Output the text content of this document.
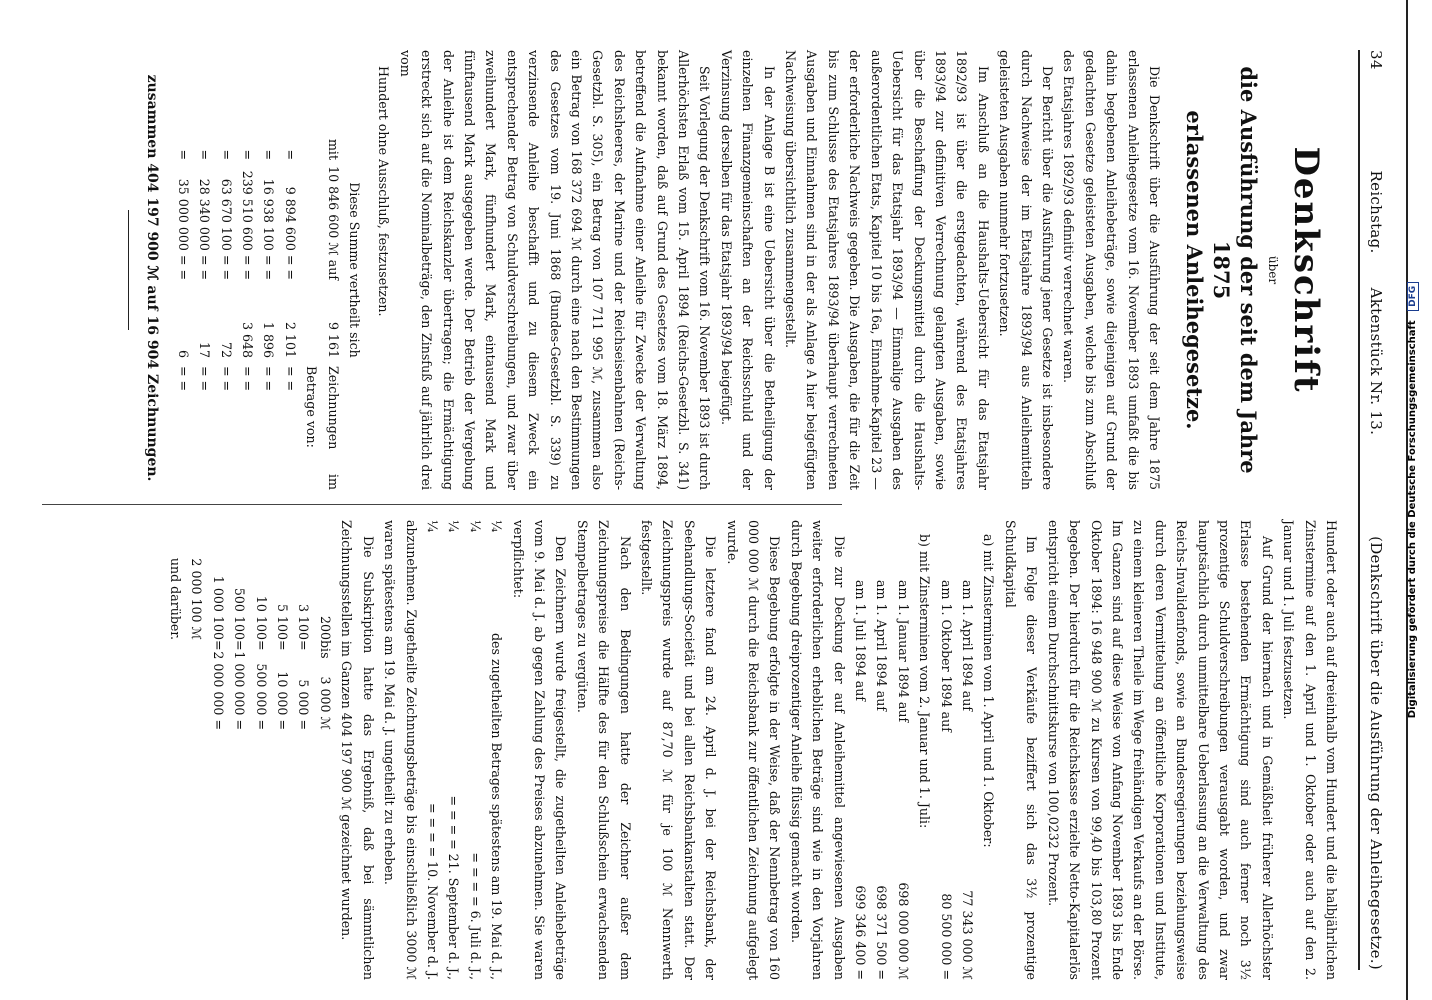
Digitalisierung gefördert durch die Deutsche Forschungsgemeinschaft DFG
34
Reichstag.
Aktenstück Nr. 13.
(Denkschrift über die Ausführung der Anleihegesetze.)
Denkschrift
über
die Ausführung der seit dem Jahre 1875
erlassenen Anleihegesetze.

Die Denkschrift über die Ausführung der seit dem Jahre 1875 erlassenen Anleihegesetze vom 16. November 1893 umfaßt die bis dahin begebenen Anleihebeträge, sowie diejenigen auf Grund der gedachten Gesetze geleisteten Ausgaben, welche bis zum Abschluß des Etatsjahres 1892/93 definitiv verrechnet waren.

Der Bericht über die Ausführung jener Gesetze ist insbesondere durch Nachweise der im Etatsjahre 1893/94 aus Anleihemitteln geleisteten Ausgaben nunmehr fortzusetzen.

Im Anschluß an die Haushalts-Uebersicht für das Etatsjahr 1892/93 ist über die erstgedachten, während des Etatsjahres 1893/94 zur definitiven Verrechnung gelangten Ausgaben, sowie über die Beschaffung der Deckungsmittel durch die Haushalts-Uebersicht für das Etatsjahr 1893/94 — Einmalige Ausgaben des außerordentlichen Etats, Kapitel 10 bis 16a, Einnahme-Kapitel 23 — der erforderliche Nachweis gegeben. Die Ausgaben, die für die Zeit bis zum Schlusse des Etatsjahres 1893/94 überhaupt verrechneten Ausgaben und Einnahmen sind in der als Anlage A hier beigefügten Nachweisung übersichtlich zusammengestellt.

In der Anlage B ist eine Uebersicht über die Betheiligung der einzelnen Finanzgemeinschaften an der Reichsschuld und der Verzinsung derselben für das Etatsjahr 1893/94 beigefügt.

Seit Vorlegung der Denkschrift vom 16. November 1893 ist durch Allerhöchsten Erlaß vom 15. April 1894 (Reichs-Gesetzbl. S. 341) bekannt worden, daß auf Grund des Gesetzes vom 18. März 1894, betreffend die Aufnahme einer Anleihe für Zwecke der Verwaltung des Reichsheeres, der Marine und der Reichseisenbahnen (Reichs-Gesetzbl. S. 305), ein Betrag von 107 711 995 ℳ, zusammen also ein Betrag von 168 372 694 ℳ durch eine nach den Bestimmungen des Gesetzes vom 19. Juni 1868 (Bundes-Gesetzbl. S. 339) zu verzinsende Anleihe beschafft und zu diesem Zweck ein entsprechender Betrag von Schuldverschreibungen, und zwar über zweihundert Mark, fünfhundert Mark, eintausend Mark und fünftausend Mark ausgegeben werde. Der Betrieb der Vergebung der Anleihe ist dem Reichskanzler übertragen; die Ermächtigung erstreckt sich auf die Nominalbeträge, den Zinsfuß auf jährlich drei vom

Hundert ohne Ausschluß, festzusetzen.

Diese Summe vertheilt sich

mit
10 846 600 ℳ auf
9 161
Zeichnungen im Betrage von:
=
9 894 600 = =
2 101
= =
=
16 938 100 = =
1 896
= =
=
239 510 600 = =
3 648
= =
=
63 670 100 = =
72
= =
=
28 340 000 = =
17
= =
=
35 000 000 = =
6
= =

zusammen 404 197 900 ℳ auf 16 904 Zeichnungen.

Hundert oder auch auf dreieinhalb vom Hundert und die halbjährlichen Zinstermine auf den 1. April und 1. Oktober oder auch auf den 2. Januar und 1. Juli festzusetzen.

Auf Grund der hiernach und in Gemäßheit früherer Allerhöchster Erlasse bestehenden Ermächtigung sind auch ferner noch 3½ prozentige Schuldverschreibungen verausgabt worden, und zwar hauptsächlich durch unmittelbare Ueberlassung an die Verwaltung des Reichs-Invalidenfonds, sowie an Bundesregierungen beziehungsweise durch deren Vermittelung an öffentliche Korporationen und Institute, zu einem kleineren Theile im Wege freihändigen Verkaufs an der Börse. Im Ganzen sind auf diese Weise von Anfang November 1893 bis Ende Oktober 1894: 16 948 900 ℳ zu Kursen von 99,40 bis 103,80 Prozent begeben. Der hierdurch für die Reichskasse erzielte Netto-Kapitalerlös entspricht einem Durchschnittskurse von 100,0232 Prozent.

Im Folge dieser Verkäufe beziffert sich das 3½ prozentige Schuldkapital

a) mit Zinsterminen vom 1. April und 1. Oktober:
am 1. April 1894 auf
77 343 000 ℳ
am 1. Oktober 1894 auf
80 500 000 =
b) mit Zinsterminen vom 2. Januar und 1. Juli:
am 1. Januar 1894 auf
698 000 000 ℳ
am 1. April 1894 auf
698 371 500 =
am 1. Juli 1894 auf
699 346 400 =

Die zur Deckung der auf Anleihemittel angewiesenen Ausgaben weiter erforderlichen erheblichen Beträge sind wie in den Vorjahren durch Begebung dreiprozentiger Anleihe flüssig gemacht worden.

Diese Begebung erfolgte in der Weise, daß der Nennbetrag von 160 000 000 ℳ durch die Reichsbank zur öffentlichen Zeichnung aufgelegt wurde.

Die letztere fand am 24. April d. J. bei der Reichsbank, der Seehandlungs-Societät und bei allen Reichsbankanstalten statt. Der Zeichnungspreis wurde auf 87,70 ℳ für je 100 ℳ Nennwerth festgestellt.

Nach den Bedingungen hatte der Zeichner außer dem Zeichnungspreise die Hälfte des für den Schlußschein erwachsenden Stempelbetrages zu vergüten.

Den Zeichnern wurde freigestellt, die zugetheilten Anleihebeträge vom 9. Mai d. J. ab gegen Zahlung des Preises abzunehmen. Sie waren verpflichtet:

¼
des zugetheilten Betrages spätestens am 19. Mai d. J.,
¼
= = = = 6. Juli d. J.,
¼
= = = = 21. September d. J.,
¼
= = = = 10. November d. J.

abzunehmen. Zugetheilte Zeichnungsbeträge bis einschließlich 3000 ℳ waren spätestens am 19. Mai d. J. ungetheilt zu erheben.

Die Subskription hatte das Ergebniß, daß bei sämmtlichen Zeichnungsstellen im Ganzen 404 197 900 ℳ gezeichnet wurden.

200
bis
3 000 ℳ
3 100
=
5 000 =
5 100
=
10 000 =
10 100
=
500 000 =
500 100
=
1 000 000 =
1 000 100
=
2 000 000 =
2 000 100 ℳ und darüber.
